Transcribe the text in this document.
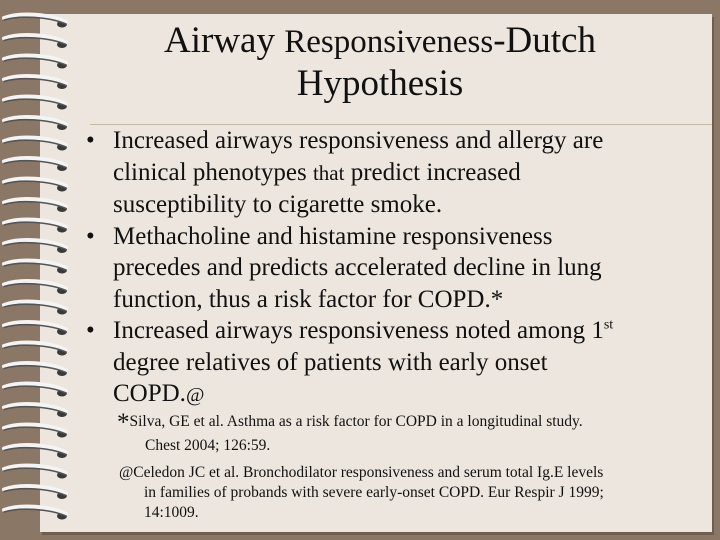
Airway Responsiveness-Dutch
Hypothesis
• Increased airways responsiveness and allergy are
clinical phenotypes that predict increased
susceptibility to cigarette smoke.
• Methacholine and histamine responsiveness
precedes and predicts accelerated decline in lung
function, thus a risk factor for COPD.*
• Increased airways responsiveness noted among 1st
degree relatives of patients with early onset
COPD.@
*Silva, GE et al. Asthma as a risk factor for COPD in a longitudinal study.
Chest 2004; 126:59.
@Celedon JC et al. Bronchodilator responsiveness and serum total Ig.E levels
in families of probands with severe early-onset COPD. Eur Respir J 1999;
14:1009.
